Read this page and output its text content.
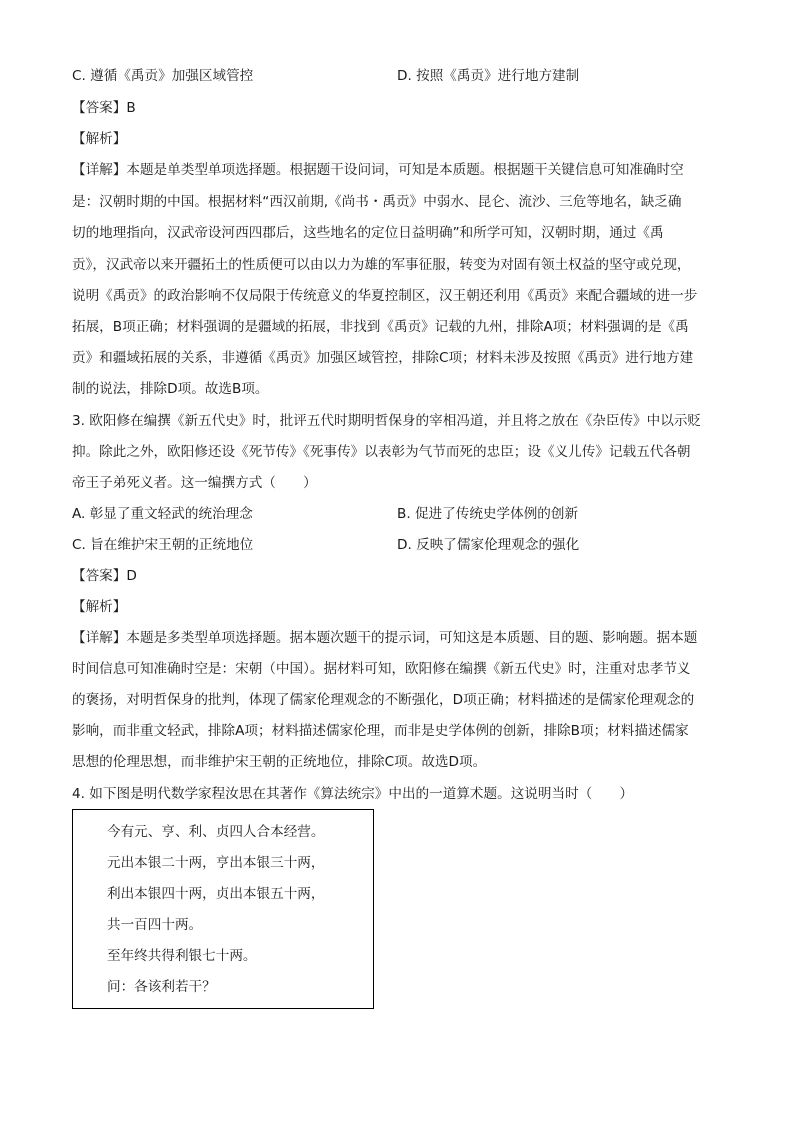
C. 遵循《禹贡》加强区域管控	D. 按照《禹贡》进行地方建制
【答案】B
【解析】
【详解】本题是单类型单项选择题。根据题干设问词，可知是本质题。根据题干关键信息可知准确时空
是：汉朝时期的中国。根据材料“西汉前期,《尚书・禹贡》中弱水、昆仑、流沙、三危等地名，缺乏确
切的地理指向，汉武帝设河西四郡后，这些地名的定位日益明确”和所学可知，汉朝时期，通过《禹
贡》，汉武帝以来开疆拓土的性质便可以由以力为雄的军事征服，转变为对固有领土权益的坚守或兑现，
说明《禹贡》的政治影响不仅局限于传统意义的华夏控制区，汉王朝还利用《禹贡》来配合疆域的进一步
拓展，B项正确；材料强调的是疆域的拓展，非找到《禹贡》记载的九州，排除A项；材料强调的是《禹
贡》和疆域拓展的关系，非遵循《禹贡》加强区域管控，排除C项；材料未涉及按照《禹贡》进行地方建
制的说法，排除D项。故选B项。
3. 欧阳修在编撰《新五代史》时，批评五代时期明哲保身的宰相冯道，并且将之放在《杂臣传》中以示贬
抑。除此之外，欧阳修还设《死节传》《死事传》以表彰为气节而死的忠臣；设《义儿传》记载五代各朝
帝王子弟死义者。这一编撰方式（　　）
A. 彰显了重文轻武的统治理念	B. 促进了传统史学体例的创新
C. 旨在维护宋王朝的正统地位	D. 反映了儒家伦理观念的强化
【答案】D
【解析】
【详解】本题是多类型单项选择题。据本题次题干的提示词，可知这是本质题、目的题、影响题。据本题
时间信息可知准确时空是：宋朝（中国）。据材料可知，欧阳修在编撰《新五代史》时，注重对忠孝节义
的褒扬，对明哲保身的批判，体现了儒家伦理观念的不断强化，D项正确；材料描述的是儒家伦理观念的
影响，而非重文轻武，排除A项；材料描述儒家伦理，而非是史学体例的创新，排除B项；材料描述儒家
思想的伦理思想，而非维护宋王朝的正统地位，排除C项。故选D项。
4. 如下图是明代数学家程汝思在其著作《算法统宗》中出的一道算术题。这说明当时（　　）
今有元、亨、利、贞四人合本经营。
元出本银二十两，亨出本银三十两，
利出本银四十两，贞出本银五十两，
共一百四十两。
至年终共得利银七十两。
问：各该利若干？
